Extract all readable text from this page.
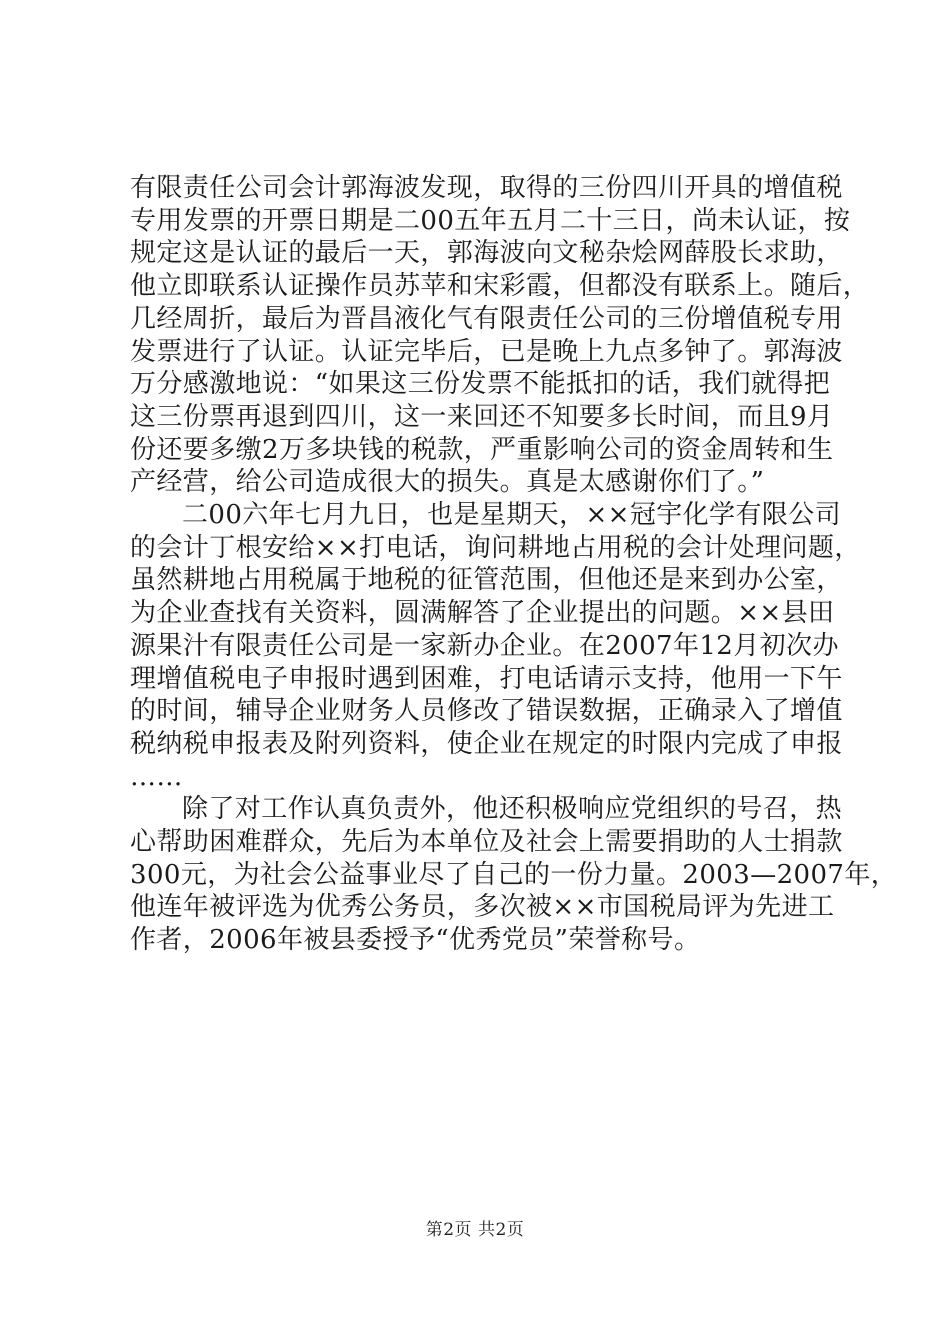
有限责任公司会计郭海波发现，取得的三份四川开具的增值税
专用发票的开票日期是二00五年五月二十三日，尚未认证，按
规定这是认证的最后一天，郭海波向文秘杂烩网薛股长求助，
他立即联系认证操作员苏苹和宋彩霞，但都没有联系上。随后，
几经周折，最后为晋昌液化气有限责任公司的三份增值税专用
发票进行了认证。认证完毕后，已是晚上九点多钟了。郭海波
万分感激地说：“如果这三份发票不能抵扣的话，我们就得把
这三份票再退到四川，这一来回还不知要多长时间，而且9月
份还要多缴2万多块钱的税款，严重影响公司的资金周转和生
产经营，给公司造成很大的损失。真是太感谢你们了。”

二00六年七月九日，也是星期天，××冠宇化学有限公司
的会计丁根安给××打电话，询问耕地占用税的会计处理问题，
虽然耕地占用税属于地税的征管范围，但他还是来到办公室，
为企业查找有关资料，圆满解答了企业提出的问题。××县田
源果汁有限责任公司是一家新办企业。在2007年12月初次办
理增值税电子申报时遇到困难，打电话请示支持，他用一下午
的时间，辅导企业财务人员修改了错误数据，正确录入了增值
税纳税申报表及附列资料，使企业在规定的时限内完成了申报
……

除了对工作认真负责外，他还积极响应党组织的号召，热
心帮助困难群众，先后为本单位及社会上需要捐助的人士捐款
300元，为社会公益事业尽了自己的一份力量。2003—2007年，
他连年被评选为优秀公务员，多次被××市国税局评为先进工
作者，2006年被县委授予“优秀党员”荣誉称号。

第2页 共2页
